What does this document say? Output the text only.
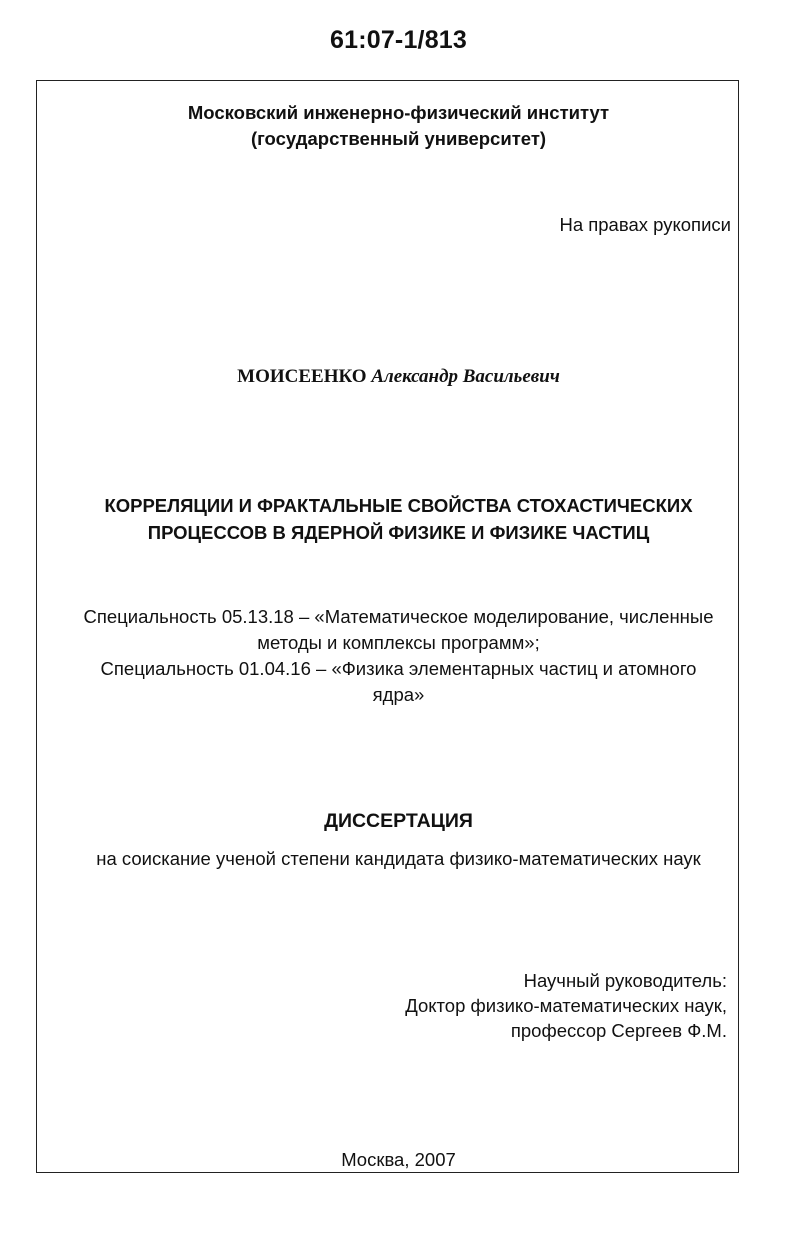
61:07-1/813
Московский инженерно-физический институт
(государственный университет)
На правах рукописи
МОИСЕЕНКО Александр Васильевич
КОРРЕЛЯЦИИ И ФРАКТАЛЬНЫЕ СВОЙСТВА СТОХАСТИЧЕСКИХ
ПРОЦЕССОВ В ЯДЕРНОЙ ФИЗИКЕ И ФИЗИКЕ ЧАСТИЦ
Специальность 05.13.18 – «Математическое моделирование, численные
методы и комплексы программ»;
Специальность 01.04.16 – «Физика элементарных частиц и атомного
ядра»
ДИССЕРТАЦИЯ
на соискание ученой степени кандидата физико-математических наук
Научный руководитель:
Доктор физико-математических наук,
профессор Сергеев Ф.М.
Москва, 2007
